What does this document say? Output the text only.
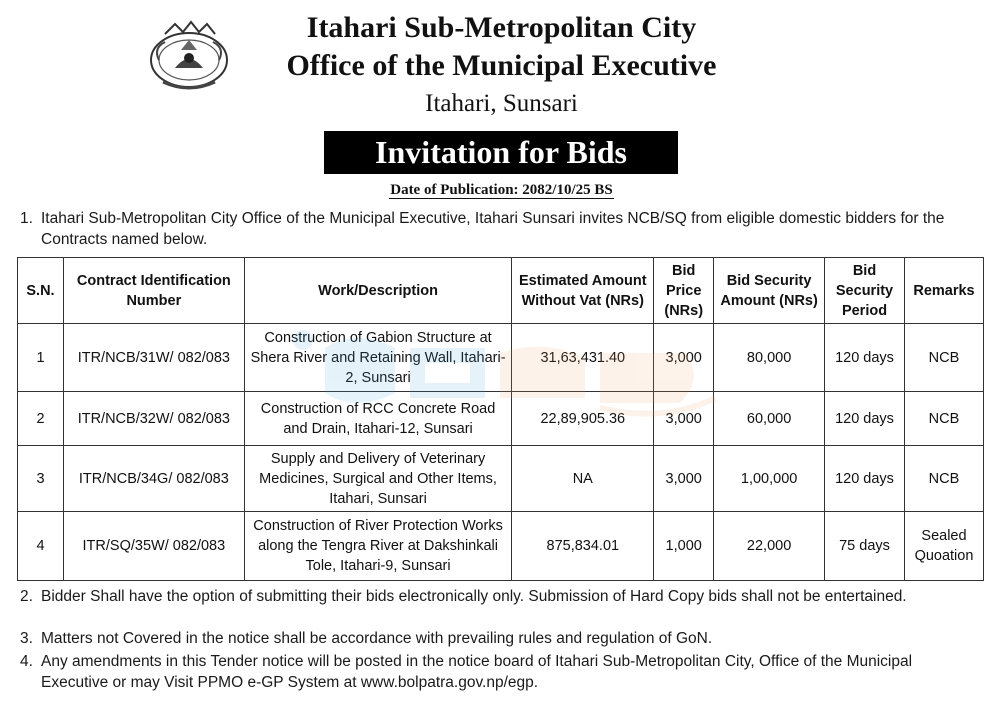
Itahari Sub-Metropolitan City
Office of the Municipal Executive
Itahari, Sunsari
Invitation for Bids
Date of Publication: 2082/10/25 BS
1. Itahari Sub-Metropolitan City Office of the Municipal Executive, Itahari Sunsari invites NCB/SQ from eligible domestic bidders for the Contracts named below.
S.N.	Contract Identification Number	Work/Description	Estimated Amount Without Vat (NRs)	Bid Price (NRs)	Bid Security Amount (NRs)	Bid Security Period	Remarks
1	ITR/NCB/31W/ 082/083	Construction of Gabion Structure at Shera River and Retaining Wall, Itahari-2, Sunsari	31,63,431.40	3,000	80,000	120 days	NCB
2	ITR/NCB/32W/ 082/083	Construction of RCC Concrete Road and Drain, Itahari-12, Sunsari	22,89,905.36	3,000	60,000	120 days	NCB
3	ITR/NCB/34G/ 082/083	Supply and Delivery of Veterinary Medicines, Surgical and Other Items, Itahari, Sunsari	NA	3,000	1,00,000	120 days	NCB
4	ITR/SQ/35W/ 082/083	Construction of River Protection Works along the Tengra River at Dakshinkali Tole, Itahari-9, Sunsari	875,834.01	1,000	22,000	75 days	Sealed Quoation
2. Bidder Shall have the option of submitting their bids electronically only. Submission of Hard Copy bids shall not be entertained.
3. Matters not Covered in the notice shall be accordance with prevailing rules and regulation of GoN.
4. Any amendments in this Tender notice will be posted in the notice board of Itahari Sub-Metropolitan City, Office of the Municipal Executive or may Visit PPMO e-GP System at www.bolpatra.gov.np/egp.
